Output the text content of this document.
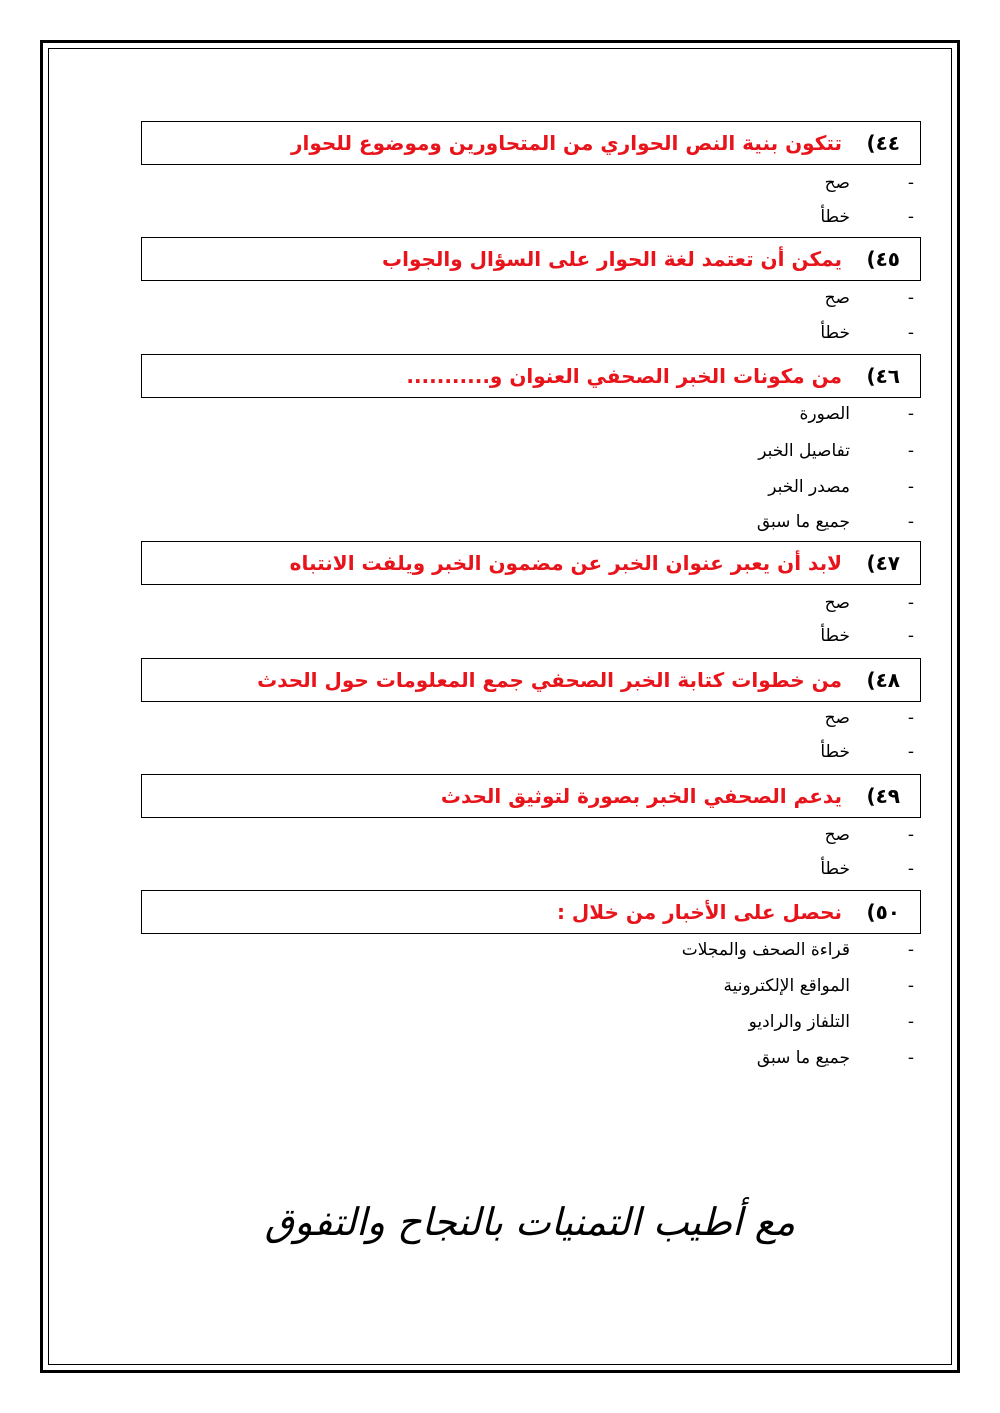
٤٤)
تتكون بنية النص الحواري من المتحاورين وموضوع للحوار
-
صح
-
خطأ
٤٥)
يمكن أن تعتمد لغة الحوار على السؤال والجواب
-
صح
-
خطأ
٤٦)
من مكونات الخبر الصحفي العنوان و...........
-
الصورة
-
تفاصيل الخبر
-
مصدر الخبر
-
جميع ما سبق
٤٧)
لابد أن يعبر عنوان الخبر عن مضمون الخبر ويلفت الانتباه
-
صح
-
خطأ
٤٨)
من خطوات كتابة الخبر الصحفي جمع المعلومات حول الحدث
-
صح
-
خطأ
٤٩)
يدعم الصحفي الخبر بصورة لتوثيق الحدث
-
صح
-
خطأ
٥٠)
نحصل على الأخبار من خلال :
-
قراءة الصحف والمجلات
-
المواقع الإلكترونية
-
التلفاز والراديو
-
جميع ما سبق
مع أطيب التمنيات بالنجاح والتفوق
